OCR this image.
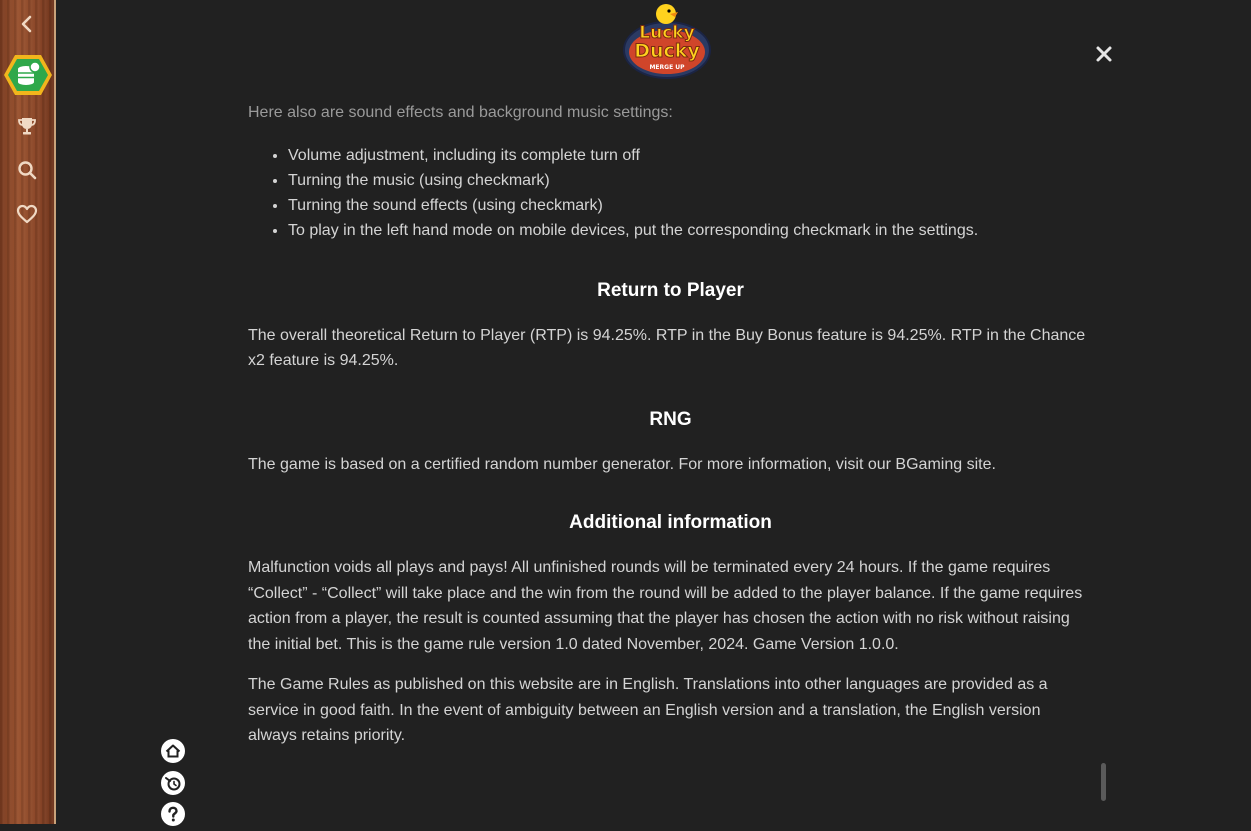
Lucky
Ducky
MERGE UP

Here also are sound effects and background music settings:

• Volume adjustment, including its complete turn off
• Turning the music (using checkmark)
• Turning the sound effects (using checkmark)
• To play in the left hand mode on mobile devices, put the corresponding checkmark in the settings.
Return to Player

The overall theoretical Return to Player (RTP) is 94.25%. RTP in the Buy Bonus feature is 94.25%. RTP in the Chance x2 feature is 94.25%.

RNG

The game is based on a certified random number generator. For more information, visit our BGaming site.

Additional information

Malfunction voids all plays and pays! All unfinished rounds will be terminated every 24 hours. If the game requires “Collect” - “Collect” will take place and the win from the round will be added to the player balance. If the game requires action from a player, the result is counted assuming that the player has chosen the action with no risk without raising the initial bet. This is the game rule version 1.0 dated November, 2024. Game Version 1.0.0.

The Game Rules as published on this website are in English. Translations into other languages are provided as a service in good faith. In the event of ambiguity between an English version and a translation, the English version always retains priority.
